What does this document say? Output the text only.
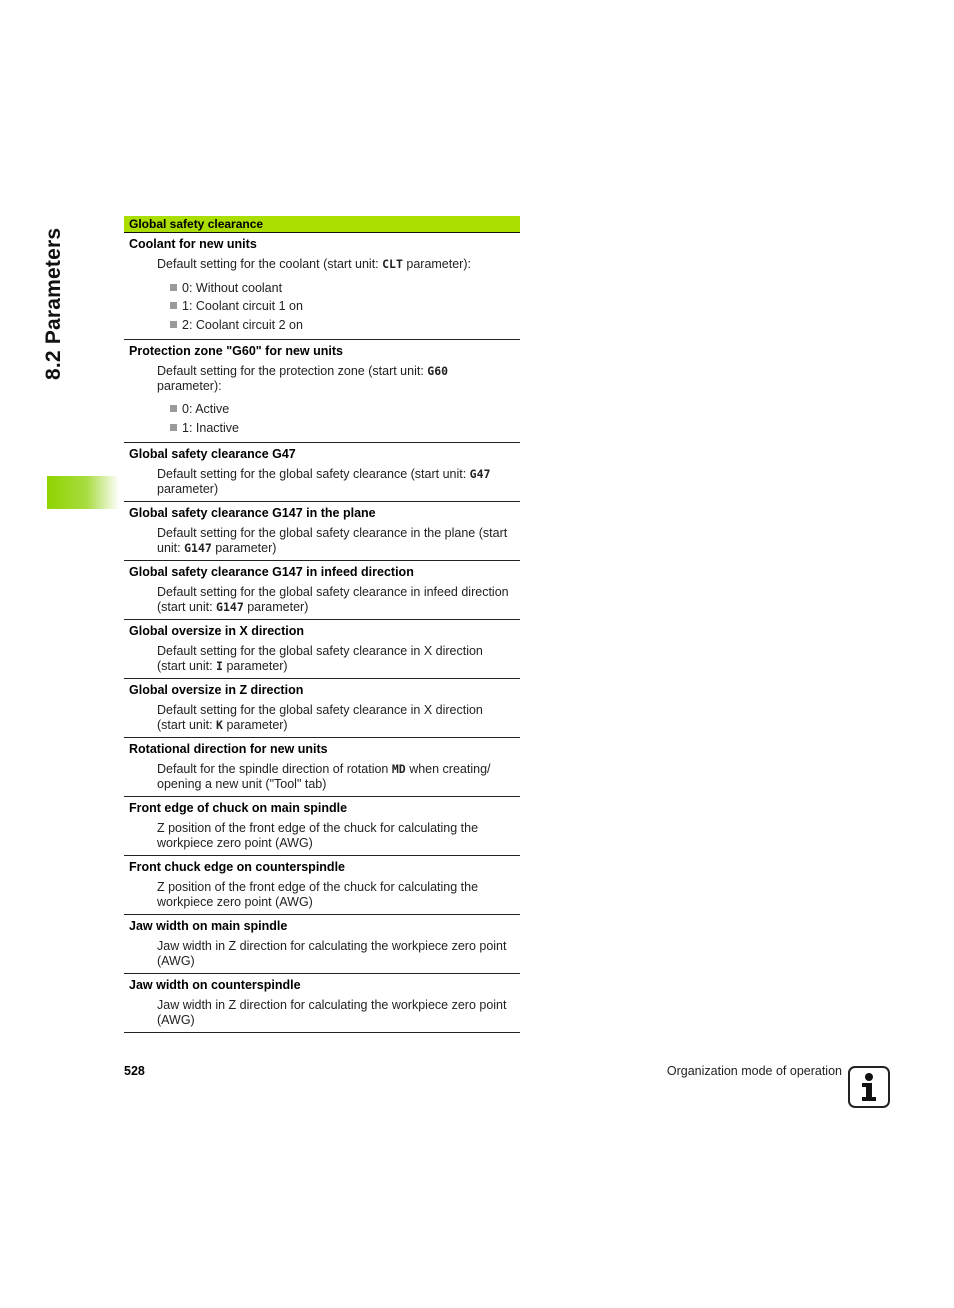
8.2 Parameters
Global safety clearance
Coolant for new units
Default setting for the coolant (start unit: CLT parameter):
0: Without coolant
1: Coolant circuit 1 on
2: Coolant circuit 2 on
Protection zone "G60" for new units
Default setting for the protection zone (start unit: G60 parameter):
0: Active
1: Inactive
Global safety clearance G47
Default setting for the global safety clearance (start unit: G47 parameter)
Global safety clearance G147 in the plane
Default setting for the global safety clearance in the plane (start unit: G147 parameter)
Global safety clearance G147 in infeed direction
Default setting for the global safety clearance in infeed direction (start unit: G147 parameter)
Global oversize in X direction
Default setting for the global safety clearance in X direction (start unit: I parameter)
Global oversize in Z direction
Default setting for the global safety clearance in X direction (start unit: K parameter)
Rotational direction for new units
Default for the spindle direction of rotation MD when creating/ opening a new unit ("Tool" tab)
Front edge of chuck on main spindle
Z position of the front edge of the chuck for calculating the workpiece zero point (AWG)
Front chuck edge on counterspindle
Z position of the front edge of the chuck for calculating the workpiece zero point (AWG)
Jaw width on main spindle
Jaw width in Z direction for calculating the workpiece zero point (AWG)
Jaw width on counterspindle
Jaw width in Z direction for calculating the workpiece zero point (AWG)
528	Organization mode of operation
